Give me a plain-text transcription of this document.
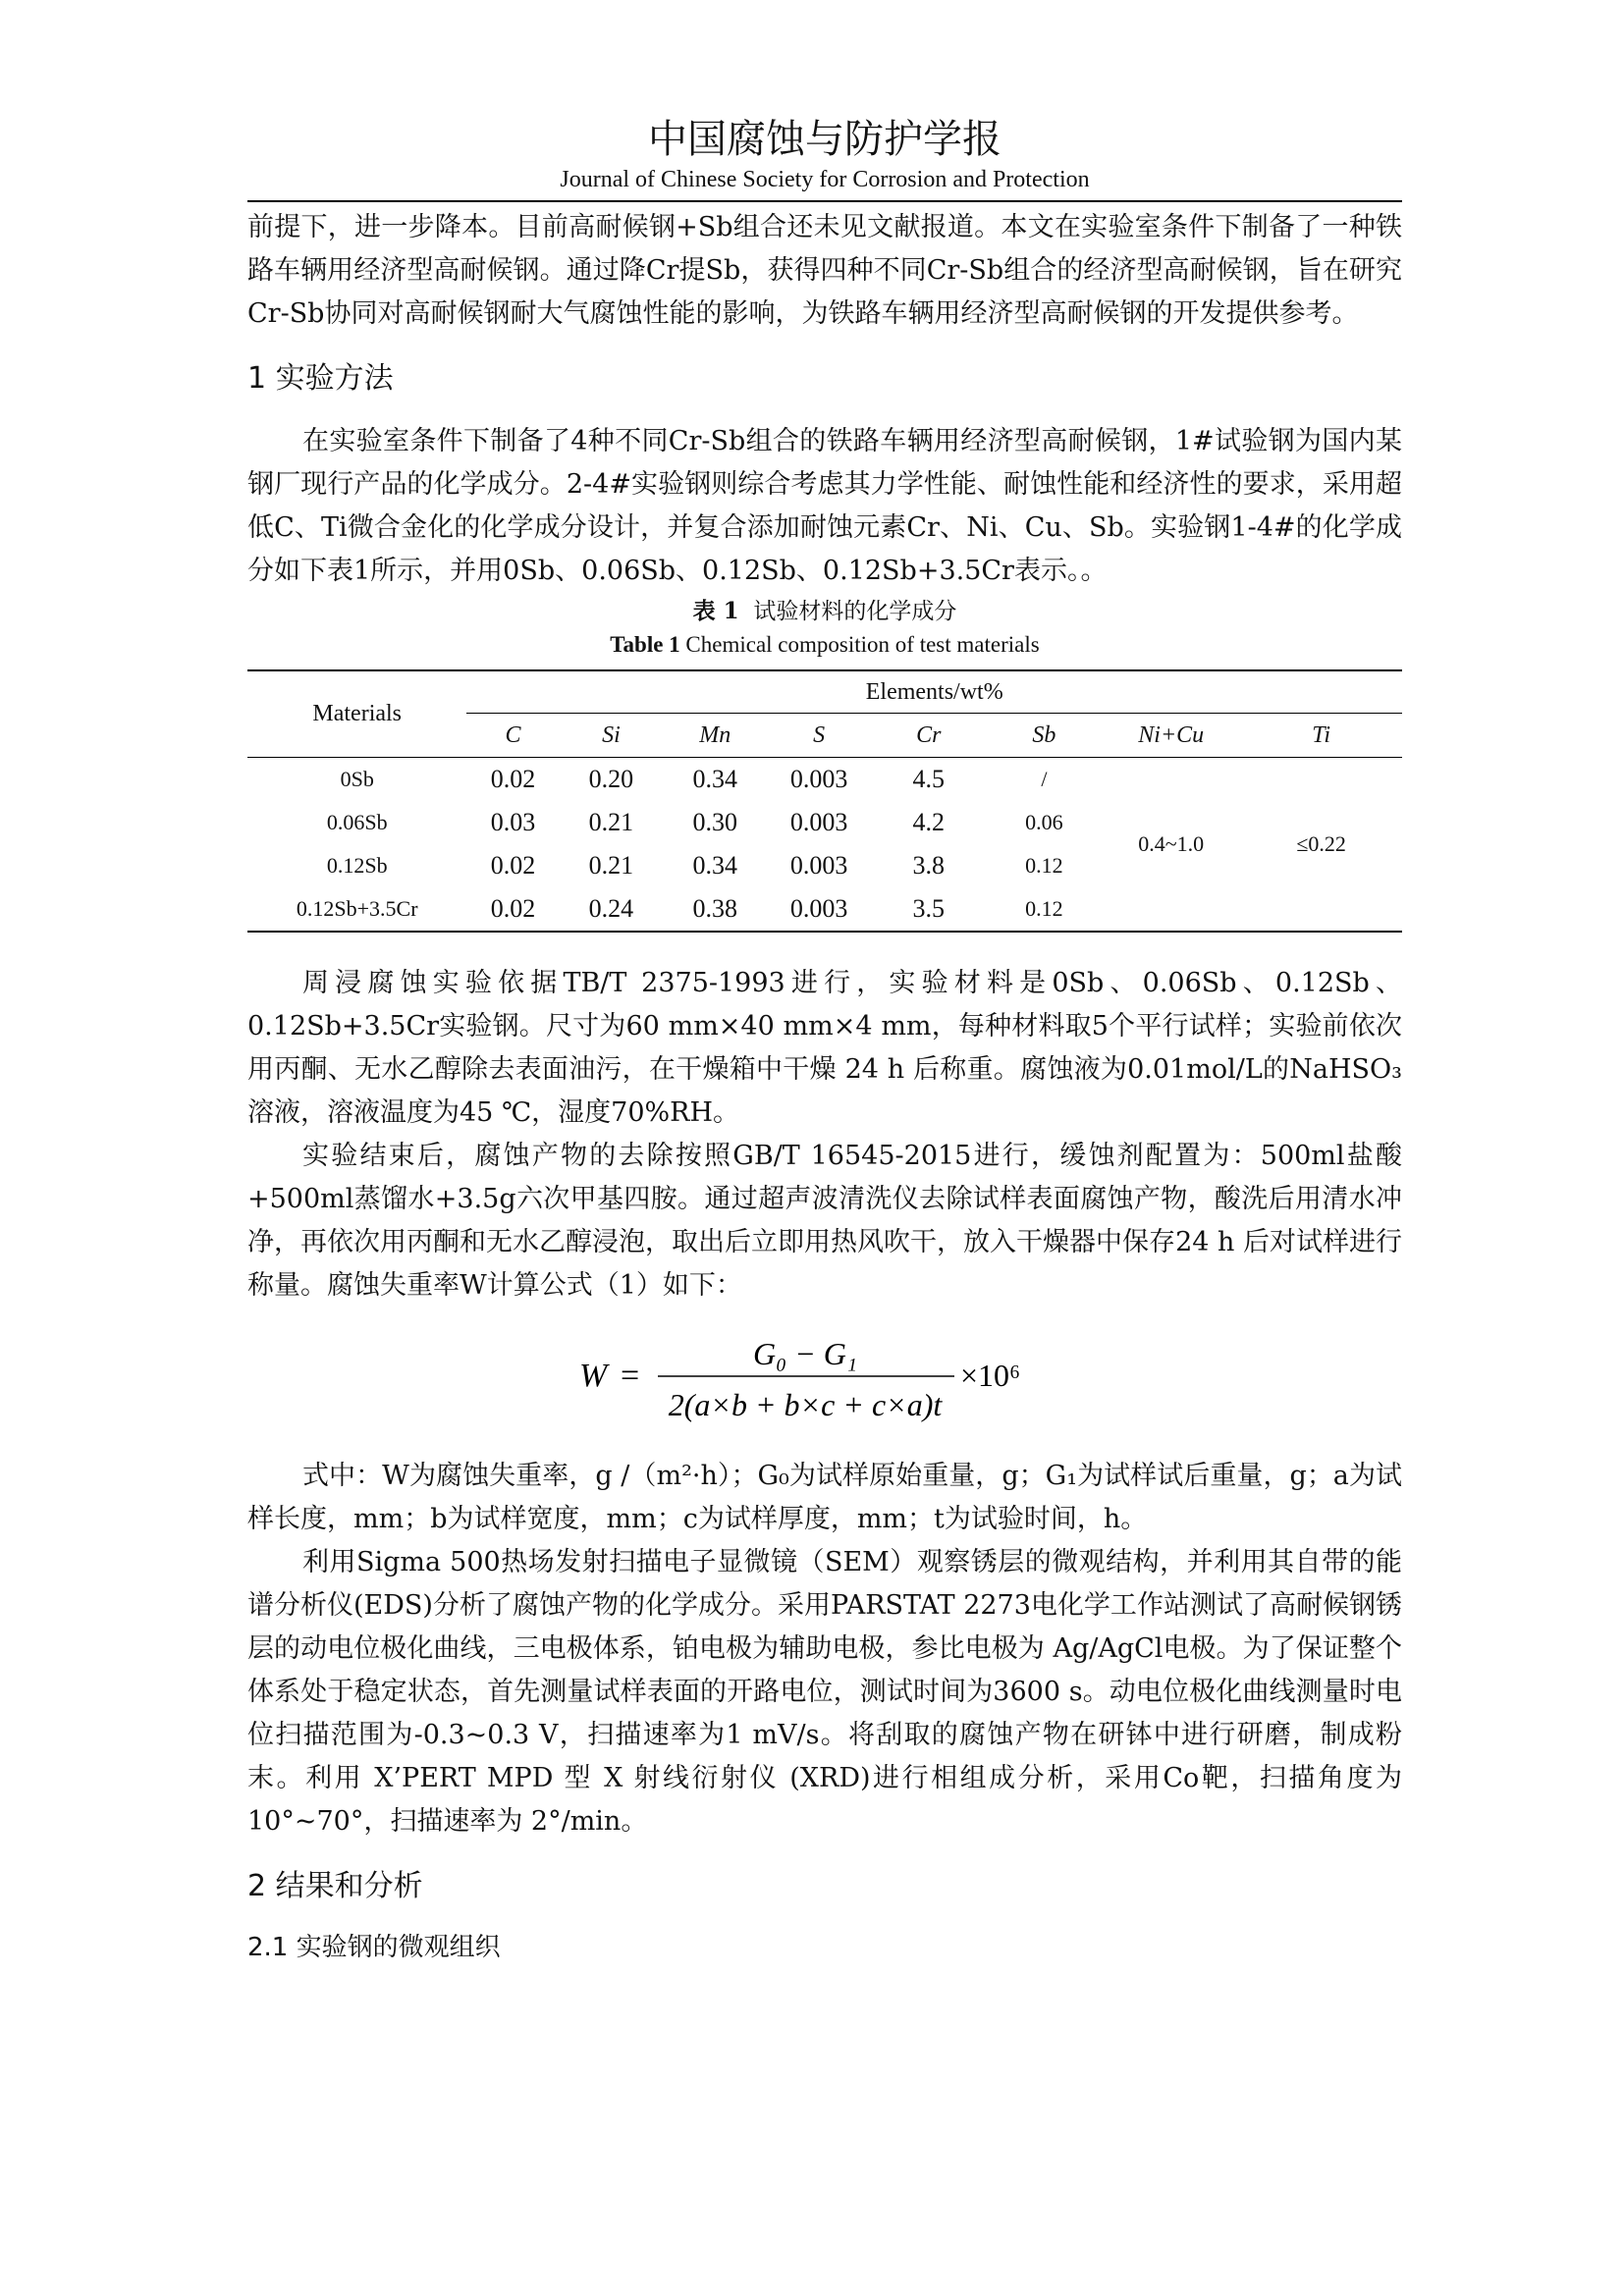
中国腐蚀与防护学报
Journal of Chinese Society for Corrosion and Protection

前提下，进一步降本。目前高耐候钢+Sb组合还未见文献报道。本文在实验室条件下制备了一种铁路车辆用经济型高耐候钢。通过降Cr提Sb，获得四种不同Cr-Sb组合的经济型高耐候钢，旨在研究Cr-Sb协同对高耐候钢耐大气腐蚀性能的影响，为铁路车辆用经济型高耐候钢的开发提供参考。

1 实验方法

在实验室条件下制备了4种不同Cr-Sb组合的铁路车辆用经济型高耐候钢，1#试验钢为国内某钢厂现行产品的化学成分。2-4#实验钢则综合考虑其力学性能、耐蚀性能和经济性的要求，采用超低C、Ti微合金化的化学成分设计，并复合添加耐蚀元素Cr、Ni、Cu、Sb。实验钢1-4#的化学成分如下表1所示，并用0Sb、0.06Sb、0.12Sb、0.12Sb+3.5Cr表示。。

表 1 试验材料的化学成分
Table 1 Chemical composition of test materials
Materials	Elements/wt%							
	C	Si	Mn	S	Cr	Sb	Ni+Cu	Ti
0Sb	0.02	0.20	0.34	0.003	4.5	/	0.4~1.0	≤0.22
0.06Sb	0.03	0.21	0.30	0.003	4.2	0.06		
0.12Sb	0.02	0.21	0.34	0.003	3.8	0.12		
0.12Sb+3.5Cr	0.02	0.24	0.38	0.003	3.5	0.12		

周浸腐蚀实验依据TB/T 2375-1993进行，实验材料是0Sb、0.06Sb、0.12Sb、0.12Sb+3.5Cr实验钢。尺寸为60 mm×40 mm×4 mm，每种材料取5个平行试样；实验前依次用丙酮、无水乙醇除去表面油污，在干燥箱中干燥 24 h 后称重。腐蚀液为0.01mol/L的NaHSO₃溶液，溶液温度为45 ℃，湿度70%RH。

实验结束后，腐蚀产物的去除按照GB/T 16545-2015进行，缓蚀剂配置为：500ml盐酸+500ml蒸馏水+3.5g六次甲基四胺。通过超声波清洗仪去除试样表面腐蚀产物，酸洗后用清水冲净，再依次用丙酮和无水乙醇浸泡，取出后立即用热风吹干，放入干燥器中保存24 h 后对试样进行称量。腐蚀失重率W计算公式（1）如下：

W =
G₀ − G₁
2(a×b + b×c + c×a)t
×10⁶

式中：W为腐蚀失重率，g /（m²·h）；G₀为试样原始重量，g；G₁为试样试后重量，g；a为试样长度，mm；b为试样宽度，mm；c为试样厚度，mm；t为试验时间，h。

利用Sigma 500热场发射扫描电子显微镜（SEM）观察锈层的微观结构，并利用其自带的能谱分析仪(EDS)分析了腐蚀产物的化学成分。采用PARSTAT 2273电化学工作站测试了高耐候钢锈层的动电位极化曲线，三电极体系，铂电极为辅助电极，参比电极为 Ag/AgCl电极。为了保证整个体系处于稳定状态，首先测量试样表面的开路电位，测试时间为3600 s。动电位极化曲线测量时电位扫描范围为-0.3~0.3 V，扫描速率为1 mV/s。将刮取的腐蚀产物在研钵中进行研磨，制成粉末。利用 X’PERT MPD 型 X 射线衍射仪 (XRD)进行相组成分析，采用Co靶，扫描角度为 10°~70°，扫描速率为 2°/min。

2 结果和分析
2.1 实验钢的微观组织
